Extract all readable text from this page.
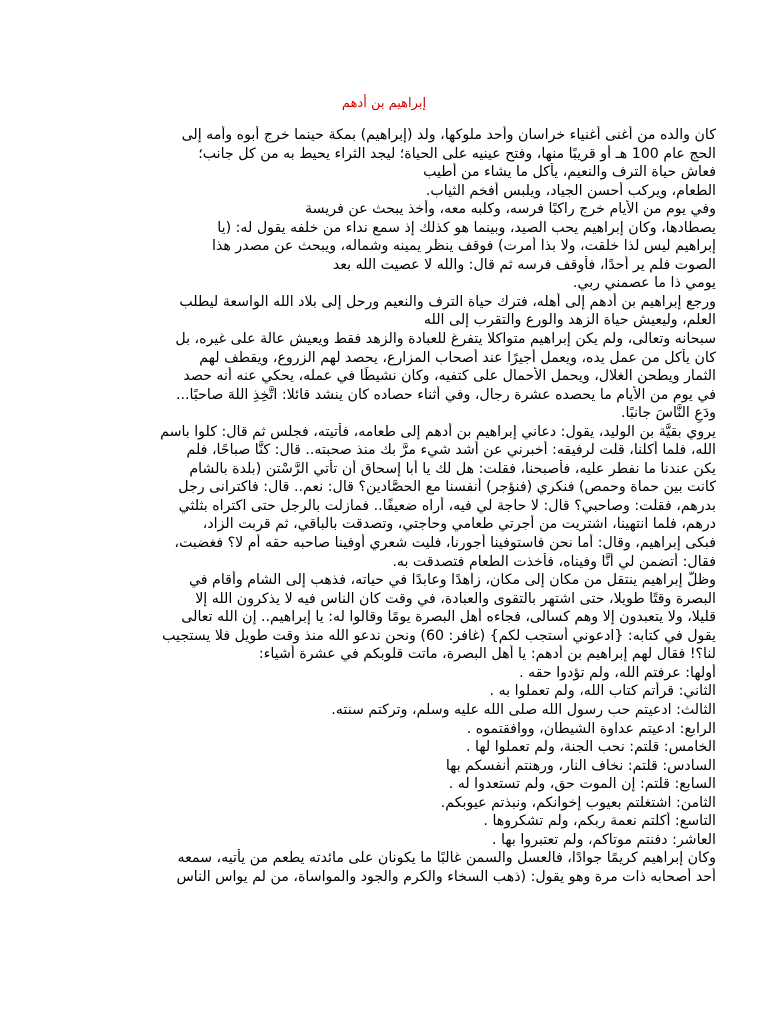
إبراهيم بن أدهم
كان والده من أغنى أغنياء خراسان وأحد ملوكها، ولد (إبراهيم) بمكة حينما خرج أبوه وأمه إلى
الحج عام 100 هـ أو قريبًا منها، وفتح عينيه على الحياة؛ ليجد الثراء يحيط به من كل جانب؛
فعاش حياة الترف والنعيم، يأكل ما يشاء من أطيب
الطعام، ويركب أحسن الجياد، ويلبس أفخم الثياب.
وفي يوم من الأيام خرج راكبًا فرسه، وكلبه معه، وأخذ يبحث عن فريسة
يصطادها، وكان إبراهيم يحب الصيد، وبينما هو كذلك إذ سمع نداء من خلفه يقول له: (يا
إبراهيم ليس لذا خلقت، ولا بذا أمرت) فوقف ينظر يمينه وشماله، ويبحث عن مصدر هذا
الصوت فلم ير أحدًا، فأوقف فرسه ثم قال: والله لا عصيت الله بعد
يومي ذا ما عصمني ربي.
ورجع إبراهيم بن أدهم إلى أهله، فترك حياة الترف والنعيم ورحل إلى بلاد الله الواسعة ليطلب
العلم، وليعيش حياة الزهد والورع والتقرب إلى الله
سبحانه وتعالى، ولم يكن إبراهيم متواكلا يتفرغ للعبادة والزهد فقط ويعيش عالة على غيره، بل
كان يأكل من عمل يده، ويعمل أجيرًا عند أصحاب المزارع، يحصد لهم الزروع، ويقطف لهم
الثمار ويطحن الغلال، ويحمل الأحمال على كتفيه، وكان نشيطًا في عمله، يحكي عنه أنه حصد
في يوم من الأيام ما يحصده عشرة رجال، وفي أثناء حصاده كان ينشد قائلا: اتَّخِذِ اللهَ صاحبًا...
ودَعِ النَّاسَ جانبًا.
يروي بقيَّة بن الوليد، يقول: دعاني إبراهيم بن أدهم إلى طعامه، فأتيته، فجلس ثم قال: كلوا باسم
الله، فلما أكلنا، قلت لرفيقه: أخبرني عن أشد شيء مرَّ بك منذ صحبته.. قال: كنَّا صباحًا، فلم
يكن عندنا ما نفطر عليه، فأصبحنا، فقلت: هل لك يا أبا إسحاق أن تأتي الرَّسْتن (بلدة بالشام
كانت بين حماة وحمص) فنكري (فنؤجر) أنفسنا مع الحصَّادين؟ قال: نعم.. قال: فاكترانى رجل
بدرهم، فقلت: وصاحبي؟ قال: لا حاجة لي فيه، أراه ضعيفًا.. فمازلت بالرجل حتى اكتراه بثلثي
درهم، فلما انتهينا، اشتريت من أجرتي طعامي وحاجتي، وتصدقت بالباقي، ثم قربت الزاد،
فبكى إبراهيم، وقال: أما نحن فاستوفينا أجورنا، فليت شعري أوفينا صاحبه حقه أم لا؟ فغضبت،
فقال: أتضمن لي أنَّا وفيناه، فأخذت الطعام فتصدقت به.
وظلَّ إبراهيم ينتقل من مكان إلى مكان، زاهدًا وعابدًا في حياته، فذهب إلى الشام وأقام في
البصرة وقتًا طويلا، حتى اشتهر بالتقوى والعبادة، في وقت كان الناس فيه لا يذكرون الله إلا
قليلا، ولا يتعبدون إلا وهم كسالى، فجاءه أهل البصرة يومًا وقالوا له: يا إبراهيم.. إن الله تعالى
يقول في كتابه: {ادعوني أستجب لكم} (غافر: 60) ونحن ندعو الله منذ وقت طويل فلا يستجيب
لنا؟! فقال لهم إبراهيم بن أدهم: يا أهل البصرة، ماتت قلوبكم في عشرة أشياء:
أولها: عرفتم الله، ولم تؤدوا حقه .
الثاني: قرأتم كتاب الله، ولم تعملوا به .
الثالث: ادعيتم حب رسول الله صلى الله عليه وسلم، وتركتم سنته.
الرابع: ادعيتم عداوة الشيطان، ووافقتموه .
الخامس: قلتم: نحب الجنة، ولم تعملوا لها .
السادس: قلتم: نخاف النار، ورهنتم أنفسكم بها
السابع: قلتم: إن الموت حق، ولم تستعدوا له .
الثامن: اشتغلتم بعيوب إخوانكم، ونبذتم عيوبكم.
التاسع: أكلتم نعمة ربكم، ولم تشكروها .
العاشر: دفنتم موتاكم، ولم تعتبروا بها .
وكان إبراهيم كريمًا جوادًا، فالعسل والسمن غالبًا ما يكونان على مائدته يطعم من يأتيه، سمعه
أحد أصحابه ذات مرة وهو يقول: (ذهب السخاء والكرم والجود والمواساة، من لم يواس الناس
